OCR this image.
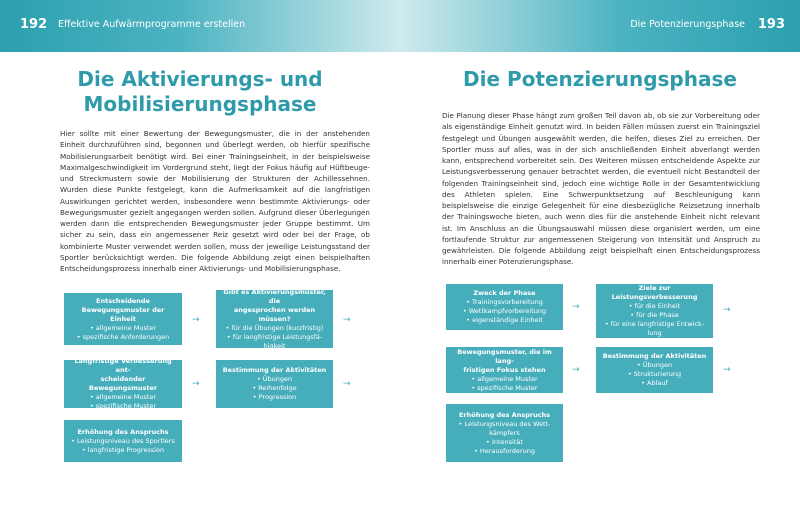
192 Effektive Aufwärmprogramme erstellen
Die Aktivierungs- und
Mobilisierungsphase

Hier sollte mit einer Bewertung der Bewegungsmuster, die in der anstehenden Einheit durchzuführen sind, begonnen und überlegt werden, ob hierfür spezifische Mobilisierungsarbeit benötigt wird. Bei einer Trainingseinheit, in der beispielsweise Maximalgeschwindigkeit im Vordergrund steht, liegt der Fokus häufig auf Hüftbeuge- und Streckmustern sowie der Mobilisierung der Strukturen der Achillessehnen. Wurden diese Punkte festgelegt, kann die Aufmerksamkeit auf die langfristigen Auswirkungen gerichtet werden, insbesondere wenn bestimmte Aktivierungs- oder Bewegungsmuster gezielt angegangen werden sollen. Aufgrund dieser Überlegungen werden dann die entsprechenden Bewegungsmuster jeder Gruppe bestimmt. Um sicher zu sein, dass ein angemessener Reiz gesetzt wird oder bei der Frage, ob kombinierte Muster verwendet werden sollen, muss der jeweilige Leistungsstand der Sportler berücksichtigt werden. Die folgende Abbildung zeigt einen beispielhaften Entscheidungsprozess innerhalb einer Aktivierungs- und Mobilisierungsphase.

Entscheidende
Bewegungsmuster der Einheit
• allgemeine Muster
• spezifische Anforderungen
→
Gibt es Aktivierungsmuster, die
angesprochen werden müssen?
• für die Übungen (kurzfristig)
• für langfristige Leistungsfä-
higkeit
→
Langfristige Verbesserung ent-
scheidender Bewegungsmuster
• allgemeine Muster
• spezifische Muster
→
Bestimmung der Aktivitäten
• Übungen
• Reihenfolge
• Progression
→
Erhöhung des Anspruchs
• Leistungsniveau des Sportlers
• langfristige Progression
Die Potenzierungsphase 193
Die Potenzierungsphase

Die Planung dieser Phase hängt zum großen Teil davon ab, ob sie zur Vorbereitung oder als eigenständige Einheit genutzt wird. In beiden Fällen müssen zuerst ein Trainingsziel festgelegt und Übungen ausgewählt werden, die helfen, dieses Ziel zu erreichen. Der Sportler muss auf alles, was in der sich anschließenden Einheit abverlangt werden kann, entsprechend vorbereitet sein. Des Weiteren müssen entscheidende Aspekte zur Leistungsverbesserung genauer betrachtet werden, die eventuell nicht Bestandteil der folgenden Trainingseinheit sind, jedoch eine wichtige Rolle in der Gesamtentwicklung des Athleten spielen. Eine Schwerpunktsetzung auf Beschleunigung kann beispielsweise die einzige Gelegenheit für eine diesbezügliche Reizsetzung innerhalb der Trainingswoche bieten, auch wenn dies für die anstehende Einheit nicht relevant ist. Im Anschluss an die Übungsauswahl müssen diese organisiert werden, um eine fortlaufende Struktur zur angemessenen Steigerung von Intensität und Anspruch zu gewährleisten. Die folgende Abbildung zeigt beispielhaft einen Entscheidungsprozess innerhalb einer Potenzierungsphase.

Zweck der Phase
• Trainingsvorbereitung
• Wettkampfvorbereitung
• eigenständige Einheit
→
Ziele zur Leistungsverbesserung
• für die Einheit
• für die Phase
• für eine langfristige Entwick-
lung
→
Bewegungsmuster, die im lang-
fristigen Fokus stehen
• allgemeine Muster
• spezifische Muster
→
Bestimmung der Aktivitäten
• Übungen
• Strukturierung
• Ablauf
→
Erhöhung des Anspruchs
• Leistungsniveau des Wett-
kämpfers
• Intensität
• Herausforderung
